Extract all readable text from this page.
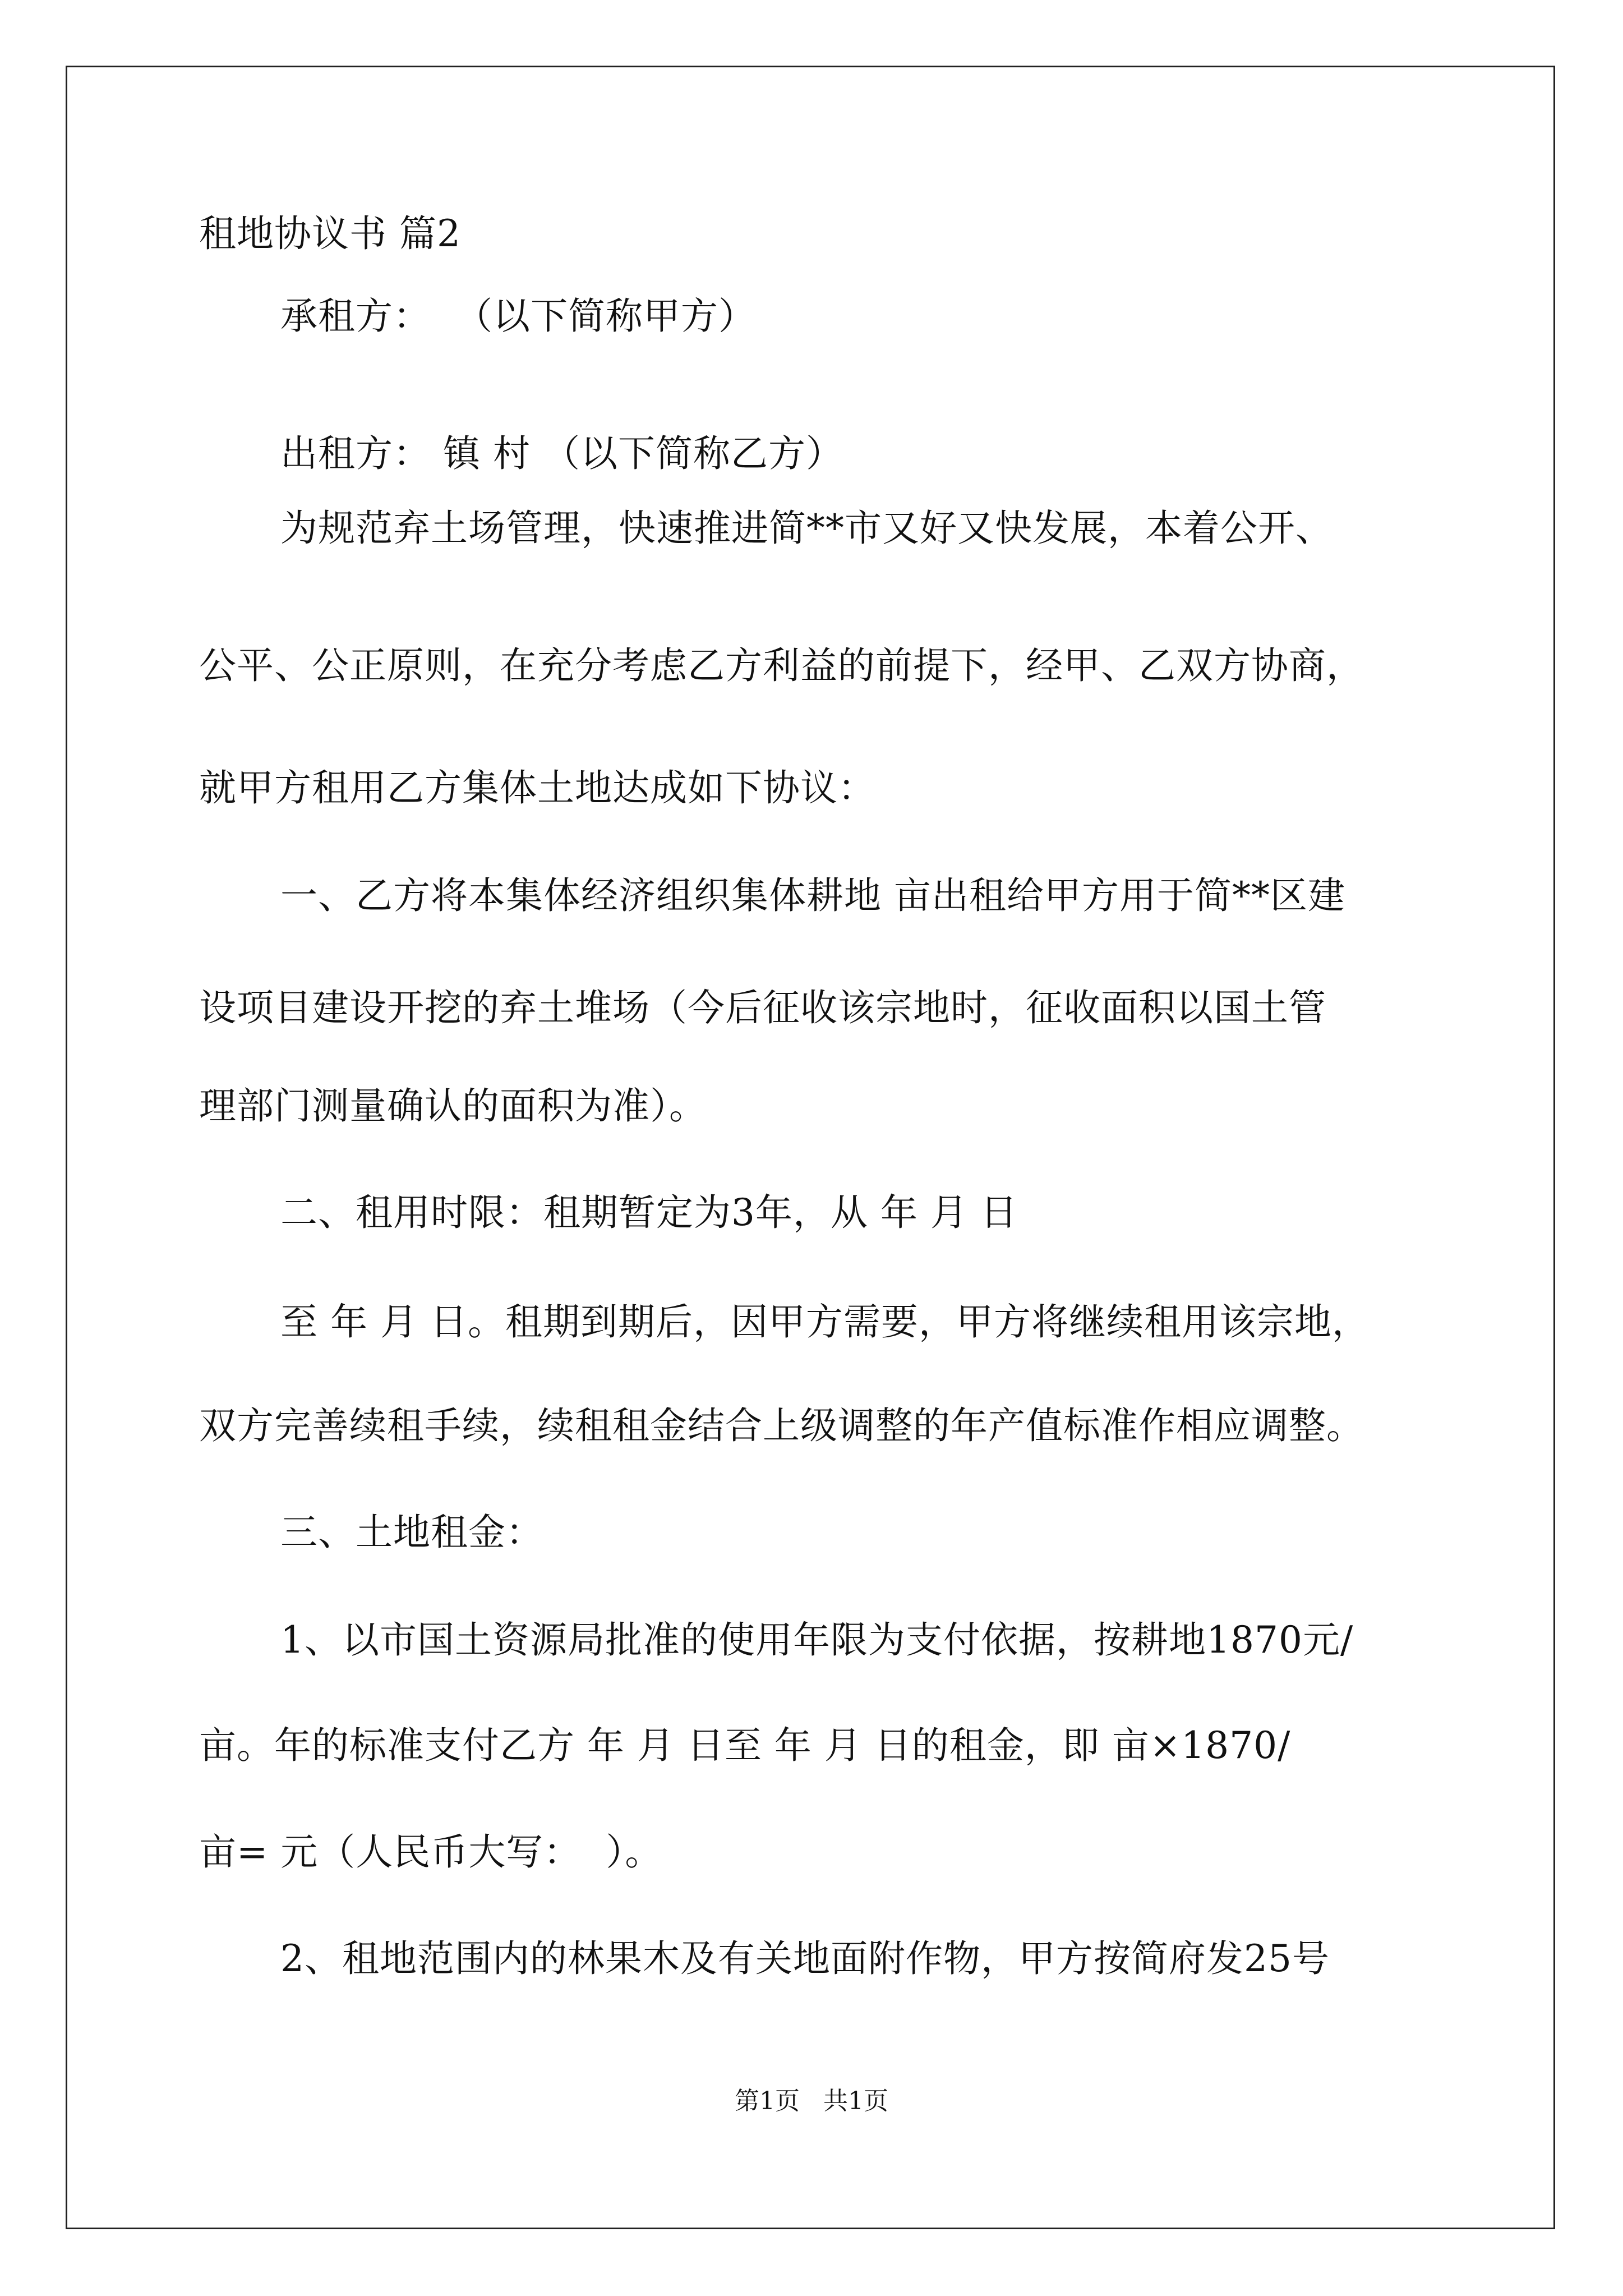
租地协议书 篇2
承租方：  （以下简称甲方）
出租方： 镇 村 （以下简称乙方）
为规范弃土场管理，快速推进简**市又好又快发展，本着公开、
公平、公正原则，在充分考虑乙方利益的前提下，经甲、乙双方协商，
就甲方租用乙方集体土地达成如下协议：
一、乙方将本集体经济组织集体耕地 亩出租给甲方用于简**区建
设项目建设开挖的弃土堆场（今后征收该宗地时，征收面积以国土管
理部门测量确认的面积为准）。
二、租用时限：租期暂定为3年，从 年 月 日
至 年 月 日。租期到期后，因甲方需要，甲方将继续租用该宗地，
双方完善续租手续，续租租金结合上级调整的年产值标准作相应调整。
三、土地租金：
1、以市国土资源局批准的使用年限为支付依据，按耕地1870元/
亩。年的标准支付乙方 年 月 日至 年 月 日的租金，即 亩×1870/
亩= 元（人民币大写：  ）。
2、租地范围内的林果木及有关地面附作物，甲方按简府发25号
第1页   共1页
